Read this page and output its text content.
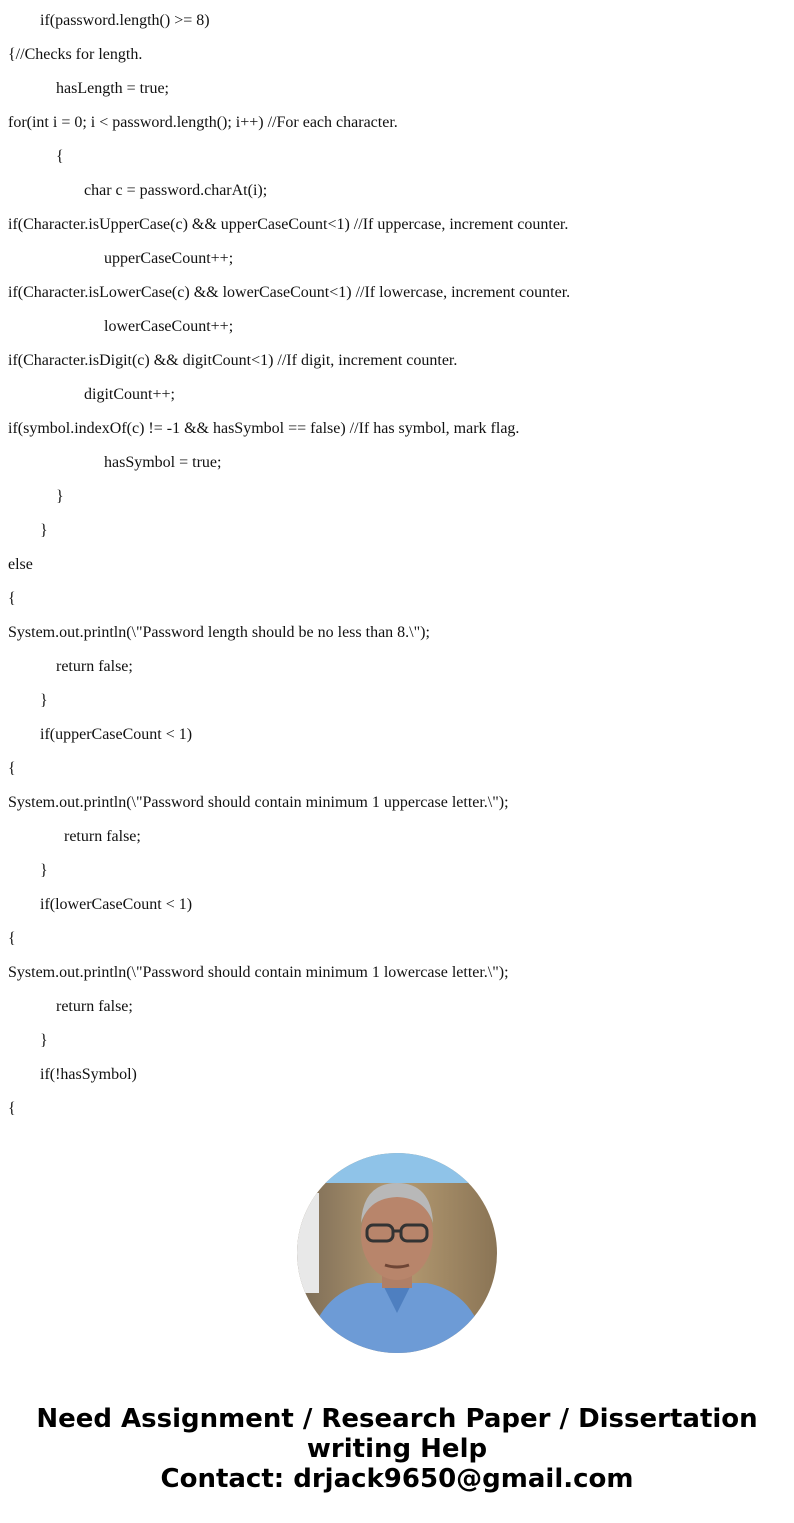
if(password.length() >= 8)
{//Checks for length.
hasLength = true;
for(int i = 0; i < password.length(); i++) //For each character.
{
char c = password.charAt(i);
if(Character.isUpperCase(c) && upperCaseCount<1) //If uppercase, increment counter.
upperCaseCount++;
if(Character.isLowerCase(c) && lowerCaseCount<1) //If lowercase, increment counter.
lowerCaseCount++;
if(Character.isDigit(c) && digitCount<1) //If digit, increment counter.
digitCount++;
if(symbol.indexOf(c) != -1 && hasSymbol == false) //If has symbol, mark flag.
hasSymbol = true;
}
}
else
{
System.out.println(\"Password length should be no less than 8.\");
return false;
}
if(upperCaseCount < 1)
{
System.out.println(\"Password should contain minimum 1 uppercase letter.\");
return false;
}
if(lowerCaseCount < 1)
{
System.out.println(\"Password should contain minimum 1 lowercase letter.\");
return false;
}
if(!hasSymbol)
{
Need Assignment / Research Paper / Dissertation
writing Help
Contact: drjack9650@gmail.com
